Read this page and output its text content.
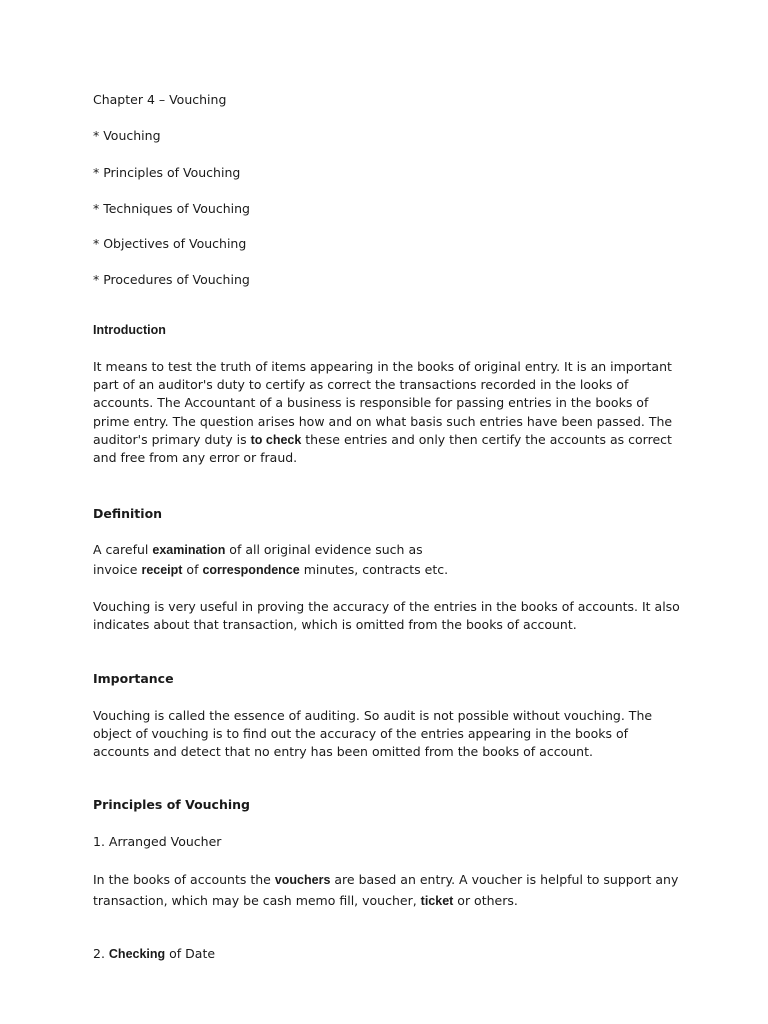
Chapter 4 – Vouching
* Vouching
* Principles of Vouching
* Techniques of Vouching
* Objectives of Vouching
* Procedures of Vouching
Introduction
It means to test the truth of items appearing in the books of original entry. It is an important part of an auditor's duty to certify as correct the transactions recorded in the looks of accounts. The Accountant of a business is responsible for passing entries in the books of prime entry. The question arises how and on what basis such entries have been passed. The auditor's primary duty is to check these entries and only then certify the accounts as correct and free from any error or fraud.
Definition
A careful examination of all original evidence such as
invoice receipt of correspondence minutes, contracts etc.
Vouching is very useful in proving the accuracy of the entries in the books of accounts. It also indicates about that transaction, which is omitted from the books of account.
Importance
Vouching is called the essence of auditing. So audit is not possible without vouching. The object of vouching is to find out the accuracy of the entries appearing in the books of accounts and detect that no entry has been omitted from the books of account.
Principles of Vouching
1. Arranged Voucher
In the books of accounts the vouchers are based an entry. A voucher is helpful to support any transaction, which may be cash memo fill, voucher, ticket or others.
2. Checking of Date
